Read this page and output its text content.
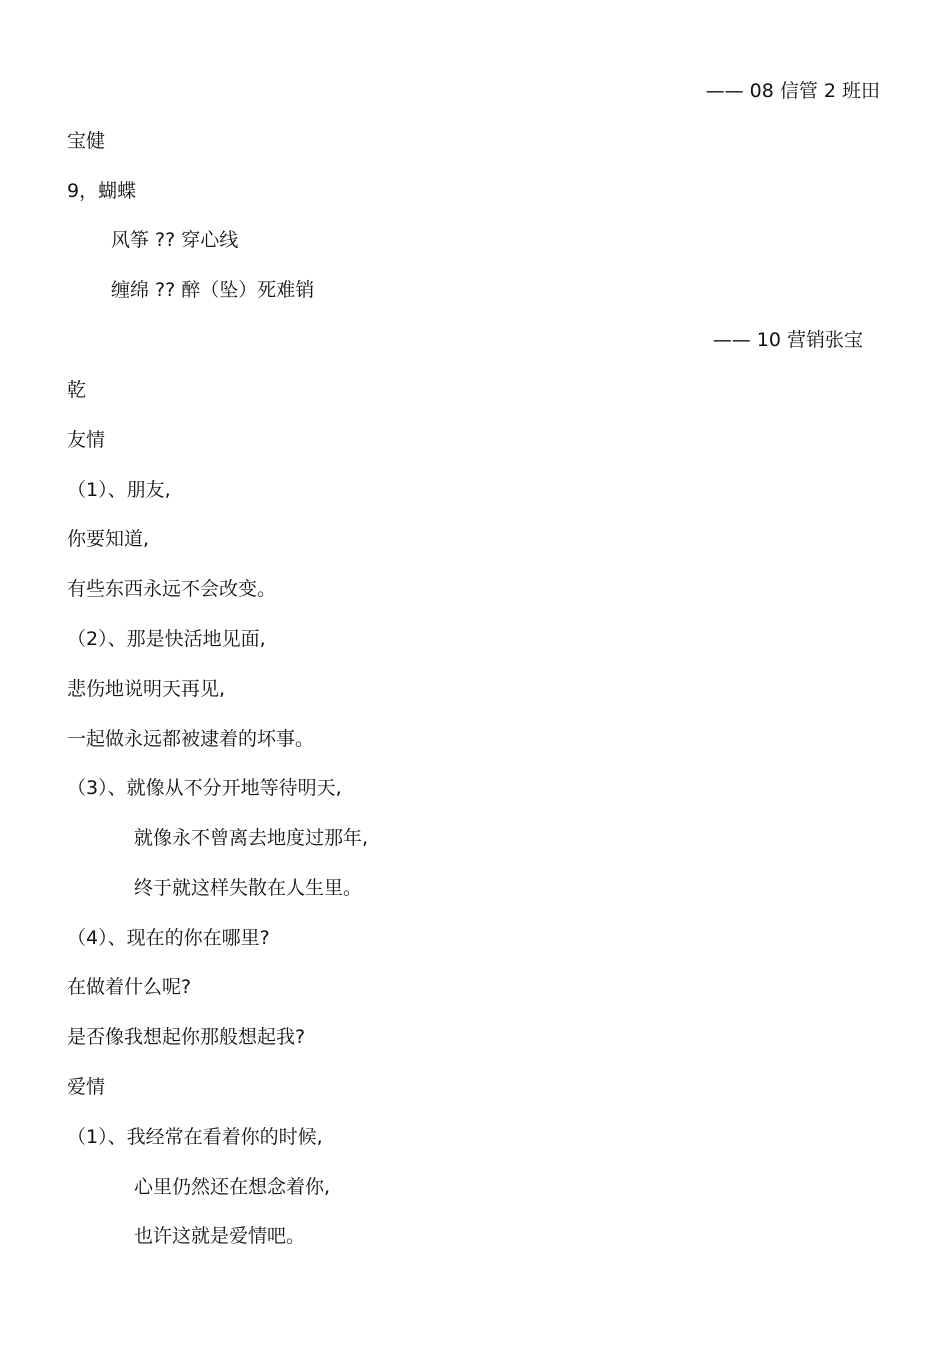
—— 08 信管 2 班田
宝健
9，蝴蝶
风筝 ?? 穿心线
缠绵 ?? 醉（坠）死难销
—— 10 营销张宝
乾
友情
（1）、朋友,
你要知道,
有些东西永远不会改变。
（2）、那是快活地见面,
悲伤地说明天再见,
一起做永远都被逮着的坏事。
（3）、就像从不分开地等待明天,
就像永不曾离去地度过那年,
终于就这样失散在人生里。
（4）、现在的你在哪里?
在做着什么呢?
是否像我想起你那般想起我?
爱情
（1）、我经常在看着你的时候,
心里仍然还在想念着你,
也许这就是爱情吧。
